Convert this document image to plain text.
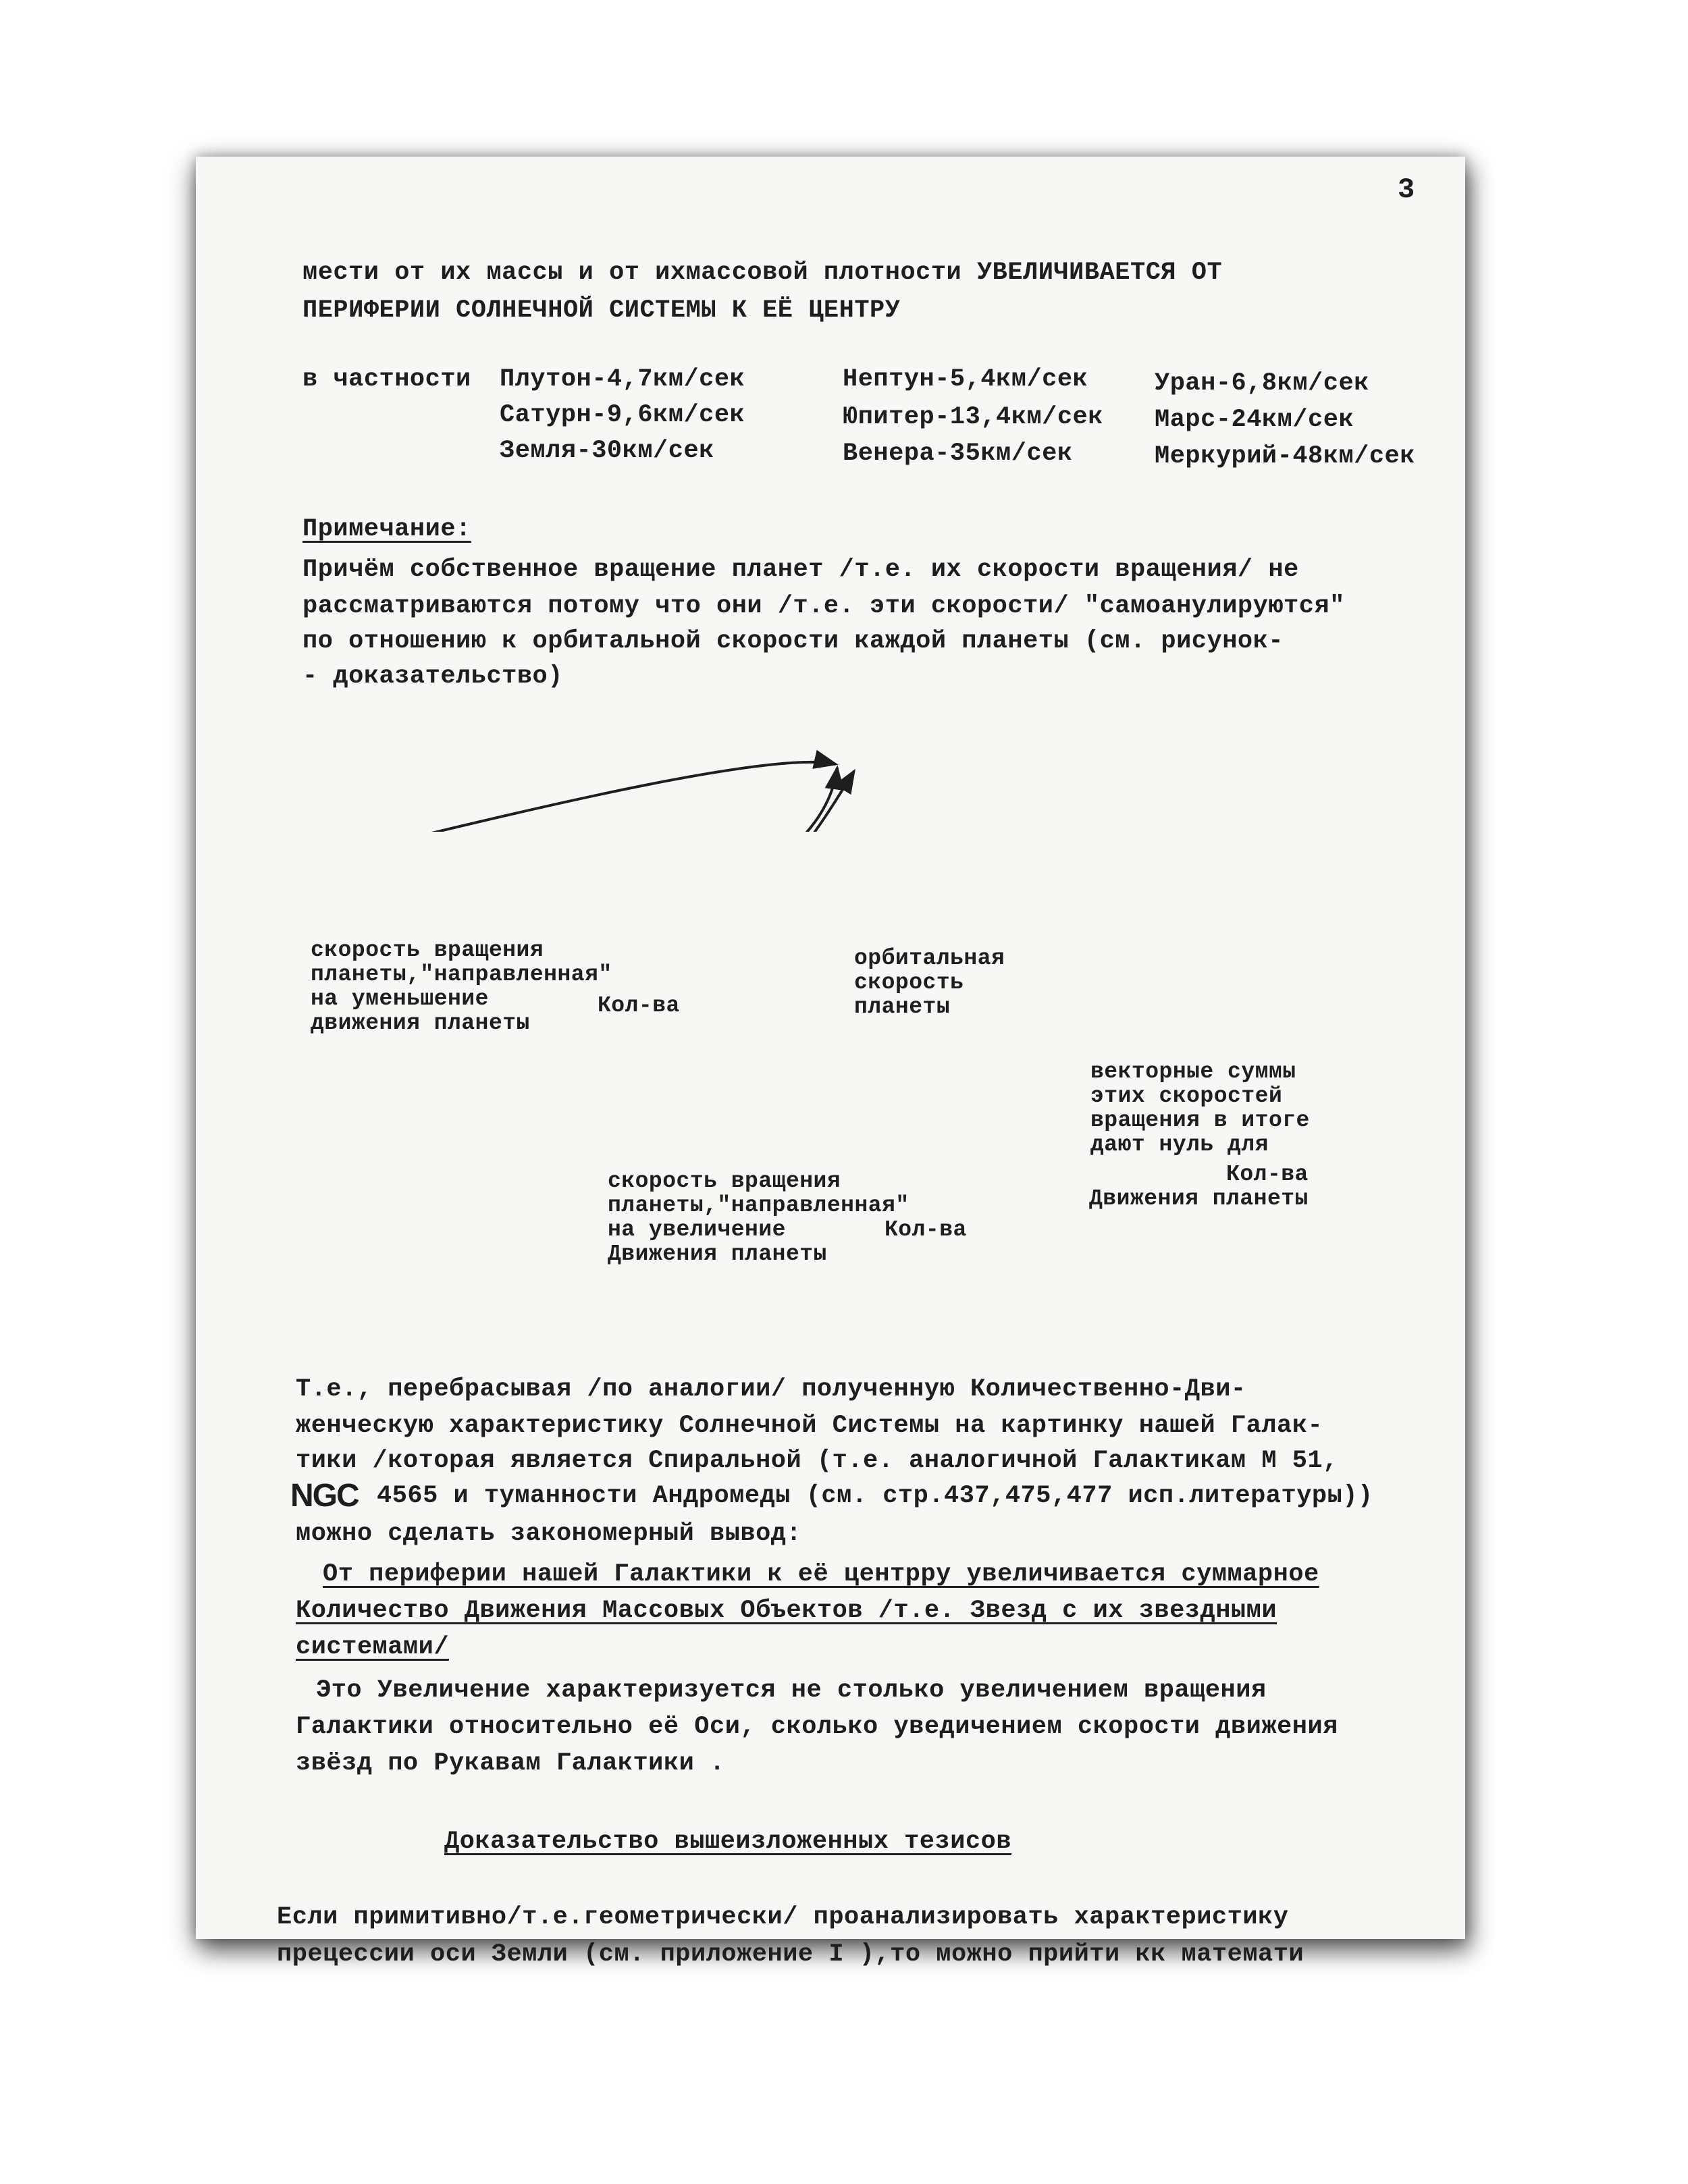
3
мести от их массы и от ихмассовой плотности УВЕЛИЧИВАЕТСЯ ОТ
ПЕРИФЕРИИ СОЛНЕЧНОЙ СИСТЕМЫ К ЕЁ ЦЕНТРУ
в частности Плутон-4,7км/сек	Нептун-5,4км/сек	Уран-6,8км/сек
Сатурн-9,6км/сек	Юпитер-13,4км/сек Марс-24км/сек
Земля-30км/сек	Венера-35км/сек	Меркурий-48км/сек
Примечание:
Причём собственное вращение планет /т.е. их скорости вращения/ не
рассматриваются потому что они /т.е. эти скорости/ "самоанулируются"
по отношению к орбитальной скорости каждой планеты (см. рисунок-
- доказательство)
скорость вращения
планеты,"направленная"
на уменьшение
движения планеты
Кол-ва
орбитальная
скорость
планеты
векторные суммы
этих скоростей
вращения в итоге
дают нуль для
Кол-ва
Движения планеты
скорость вращения
планеты,"направленная"
на увеличение
Движения планеты
Кол-ва
Т.е., перебрасывая /по аналогии/ полученную Количественно-Дви-
женческую характеристику Солнечной Системы на картинку нашей Галак-
тики /которая является Спиральной (т.е. аналогичной Галактикам М 51,
NGC 4565 и туманности Андромеды (см. стр.437,475,477 исп.литературы))
можно сделать закономерный вывод:
От периферии нашей Галактики к её центрру увеличивается суммарное
Количество Движения Массовых Объектов /т.е. Звезд с их звездными
системами/
Это Увеличение характеризуется не столько увеличением вращения
Галактики относительно её Оси, сколько уведичением скорости движения
звёзд по Рукавам Галактики .
Доказательство вышеизложенных тезисов
Если примитивно/т.е.геометрически/ проанализировать характеристику
прецессии оси Земли (см. приложение I ),то можно прийти кк математи
